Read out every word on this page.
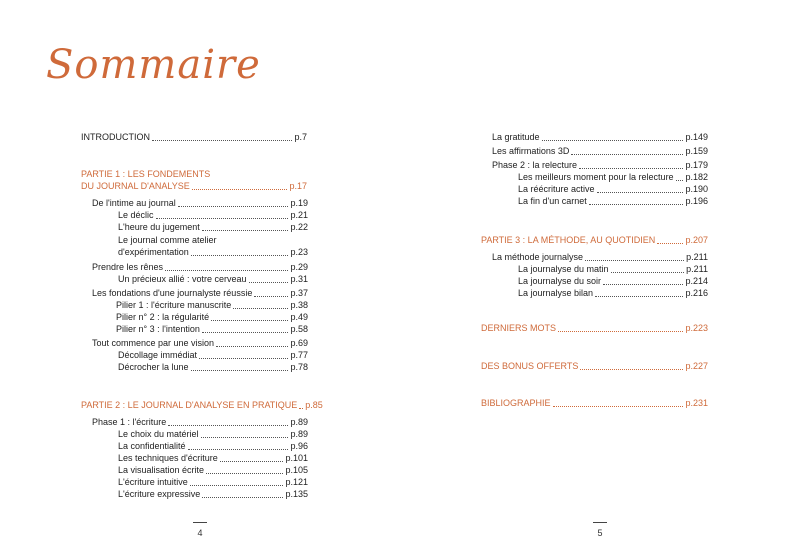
Sommaire
INTRODUCTION	p.7
PARTIE 1 : LES FONDEMENTS
DU JOURNAL D'ANALYSE	p.17
De l'intime au journal	p.19
Le déclic	p.21
L'heure du jugement	p.22
Le journal comme atelier
d'expérimentation	p.23
Prendre les rênes	p.29
Un précieux allié : votre cerveau	p.31
Les fondations d'une journalyste réussie	p.37
Pilier 1 : l'écriture manuscrite	p.38
Pilier n° 2 : la régularité	p.49
Pilier n° 3 : l'intention	p.58
Tout commence par une vision	p.69
Décollage immédiat	p.77
Décrocher la lune	p.78
PARTIE 2 : LE JOURNAL D'ANALYSE EN PRATIQUE p.85
Phase 1 : l'écriture	p.89
Le choix du matériel	p.89
La confidentialité	p.96
Les techniques d'écriture	p.101
La visualisation écrite	p.105
L'écriture intuitive	p.121
L'écriture expressive	p.135
4
La gratitude	p.149
Les affirmations 3D	p.159
Phase 2 : la relecture	p.179
Les meilleurs moment pour la relecture p.182
La réécriture active	p.190
La fin d'un carnet	p.196
PARTIE 3 : LA MÉTHODE, AU QUOTIDIEN	p.207
La méthode journalyse	p.211
La journalyse du matin	p.211
La journalyse du soir	p.214
La journalyse bilan	p.216
DERNIERS MOTS	p.223
DES BONUS OFFERTS	p.227
BIBLIOGRAPHIE	p.231
5
